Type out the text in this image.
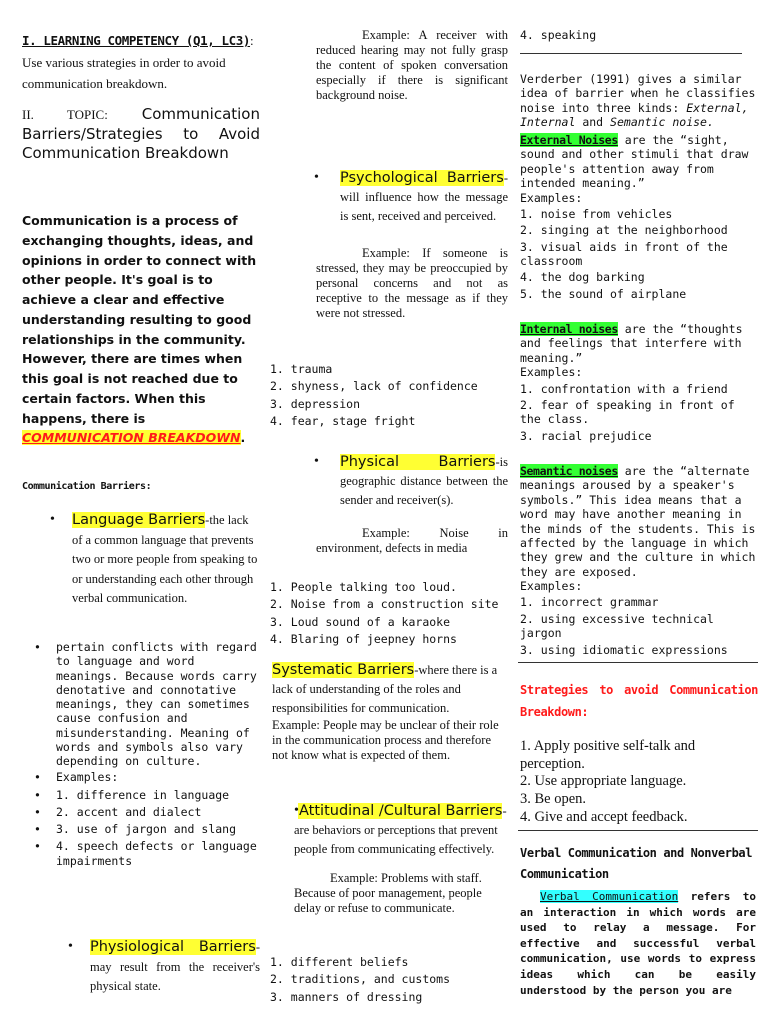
I. LEARNING COMPETENCY (Q1, LC3): Use various strategies in order to avoid communication breakdown.
II. TOPIC: Communication Barriers/Strategies to Avoid Communication Breakdown
Communication is a process of exchanging thoughts, ideas, and opinions in order to connect with other people. It's goal is to achieve a clear and effective understanding resulting to good relationships in the community. However, there are times when this goal is not reached due to certain factors. When this happens, there is COMMUNICATION BREAKDOWN.
Communication Barriers:
• Language Barriers-the lack of a common language that prevents two or more people from speaking to or understanding each other through verbal communication.
• pertain conflicts with regard to language and word meanings. Because words carry denotative and connotative meanings, they can sometimes cause confusion and misunderstanding. Meaning of words and symbols also vary depending on culture.
• Examples:
• 1. difference in language
• 2. accent and dialect
• 3. use of jargon and slang
• 4. speech defects or language impairments
• Physiological Barriers- may result from the receiver's physical state.
Example: A receiver with reduced hearing may not fully grasp the content of spoken conversation especially if there is significant background noise.
• Psychological Barriers- will influence how the message is sent, received and perceived.
Example: If someone is stressed, they may be preoccupied by personal concerns and not as receptive to the message as if they were not stressed.
1. trauma
2. shyness, lack of confidence
3. depression
4. fear, stage fright
• Physical Barriers-is geographic distance between the sender and receiver(s).
Example: Noise in environment, defects in media
1. People talking too loud.
2. Noise from a construction site
3. Loud sound of a karaoke
4. Blaring of jeepney horns
Systematic Barriers-where there is a lack of understanding of the roles and responsibilities for communication.
Example: People may be unclear of their role in the communication process and therefore not know what is expected of them.
• Attitudinal /Cultural Barriers-are behaviors or perceptions that prevent people from communicating effectively.
Example: Problems with staff. Because of poor management, people delay or refuse to communicate.
1. different beliefs
2. traditions, and customs
3. manners of dressing
4. speaking
Verderber (1991) gives a similar idea of barrier when he classifies noise into three kinds: External, Internal and Semantic noise.
External Noises are the “sight, sound and other stimuli that draw people's attention away from intended meaning.”
Examples:
1. noise from vehicles
2. singing at the neighborhood
3. visual aids in front of the classroom
4. the dog barking
5. the sound of airplane
Internal noises are the “thoughts and feelings that interfere with meaning.”
Examples:
1. confrontation with a friend
2. fear of speaking in front of the class.
3. racial prejudice
Semantic noises are the “alternate meanings aroused by a speaker's symbols.” This idea means that a word may have another meaning in the minds of the students. This is affected by the language in which they grew and the culture in which they are exposed.
Examples:
1. incorrect grammar
2. using excessive technical jargon
3. using idiomatic expressions
Strategies to avoid Communication Breakdown:
1. Apply positive self-talk and perception.
2. Use appropriate language.
3. Be open.
4. Give and accept feedback.
Verbal Communication and Nonverbal Communication
Verbal Communication refers to an interaction in which words are used to relay a message. For effective and successful verbal communication, use words to express ideas which can be easily understood by the person you are
